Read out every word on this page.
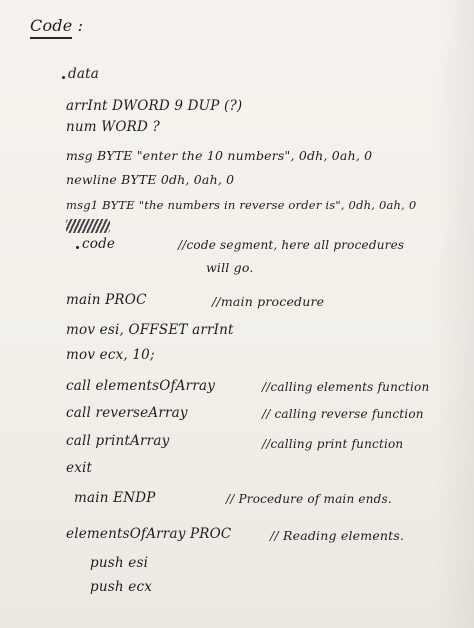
Code :
data
arrInt DWORD 9 DUP (?)
num WORD ?
msg BYTE "enter the 10 numbers", 0dh, 0ah, 0
newline BYTE 0dh, 0ah, 0
msg1 BYTE "the numbers in reverse order is", 0dh, 0ah, 0
code	//code segment, here all procedures
will go.
main PROC	//main procedure
mov esi, OFFSET arrInt
mov ecx, 10;
call elementsOfArray	//calling elements function
call reverseArray	// calling reverse function
call printArray	//calling print function
exit
main ENDP	// Procedure of main ends.
elementsOfArray PROC	// Reading elements.
push esi
push ecx
